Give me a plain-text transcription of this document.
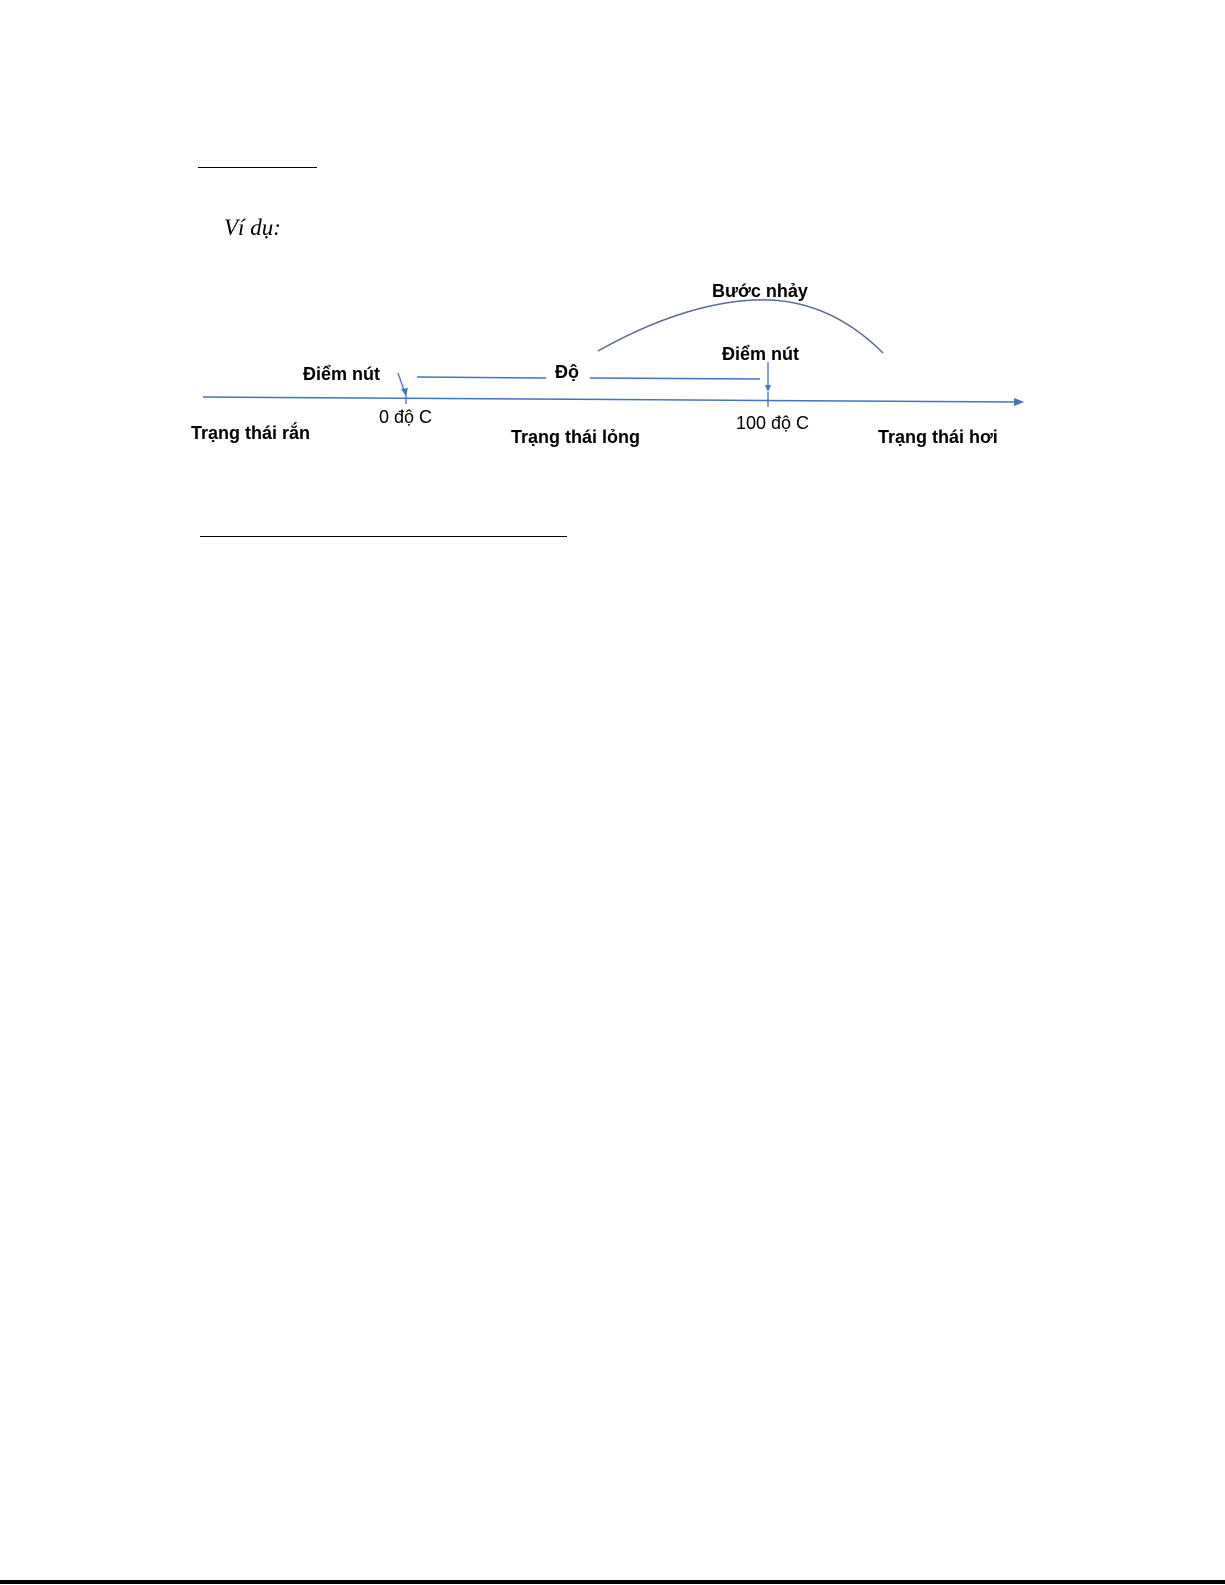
Ví dụ:
Bước nhảy
Điểm nút
Điểm nút	Độ
0 độ C	100 độ C
Trạng thái rắn	Trạng thái lỏng	Trạng thái hơi
